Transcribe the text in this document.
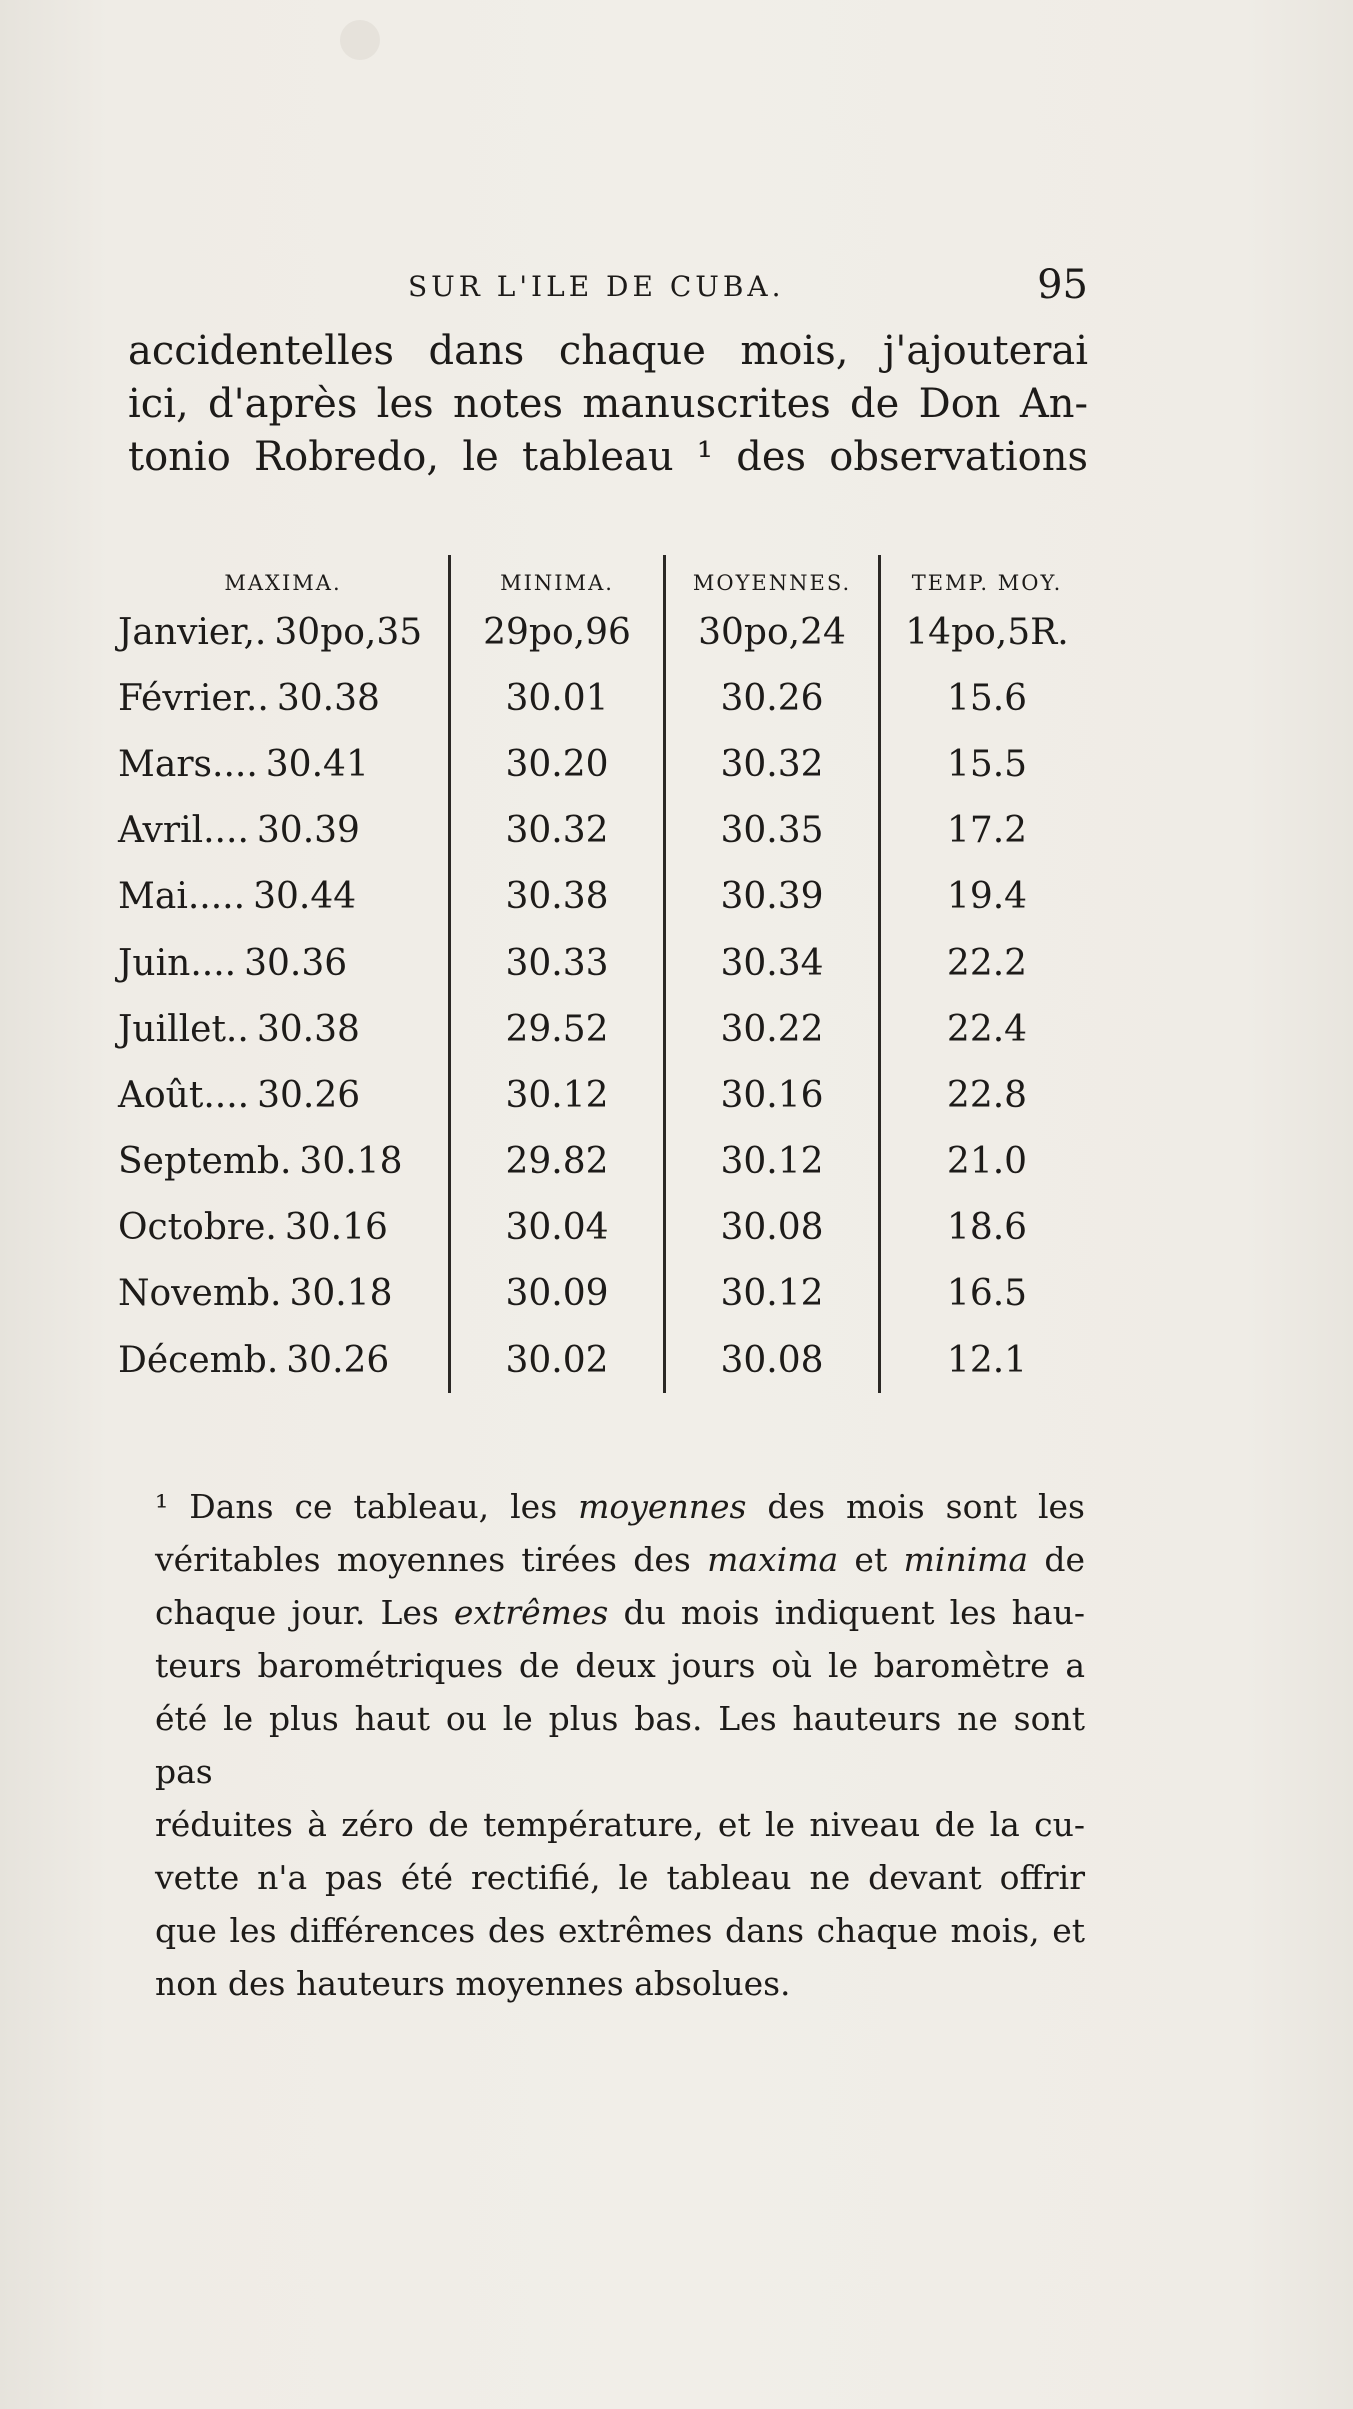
SUR L'ILE DE CUBA.	95
accidentelles dans chaque mois, j'ajouterai
ici, d'après les notes manuscrites de Don An-
tonio Robredo, le tableau ¹ des observations
MAXIMA.	MINIMA.	MOYENNES.	TEMP. MOY.
Janvier,. 30po,35	29po,96	30po,24	14po,5R.
Février.. 30.38	30.01	30.26	15.6
Mars.... 30.41	30.20	30.32	15.5
Avril.... 30.39	30.32	30.35	17.2
Mai..... 30.44	30.38	30.39	19.4
Juin.... 30.36	30.33	30.34	22.2
Juillet.. 30.38	29.52	30.22	22.4
Août.... 30.26	30.12	30.16	22.8
Septemb. 30.18	29.82	30.12	21.0
Octobre. 30.16	30.04	30.08	18.6
Novemb. 30.18	30.09	30.12	16.5
Décemb. 30.26	30.02	30.08	12.1
¹ Dans ce tableau, les moyennes des mois sont les
véritables moyennes tirées des maxima et minima de
chaque jour. Les extrêmes du mois indiquent les hau-
teurs barométriques de deux jours où le baromètre a
été le plus haut ou le plus bas. Les hauteurs ne sont pas
réduites à zéro de température, et le niveau de la cu-
vette n'a pas été rectifié, le tableau ne devant offrir
que les différences des extrêmes dans chaque mois, et
non des hauteurs moyennes absolues.
